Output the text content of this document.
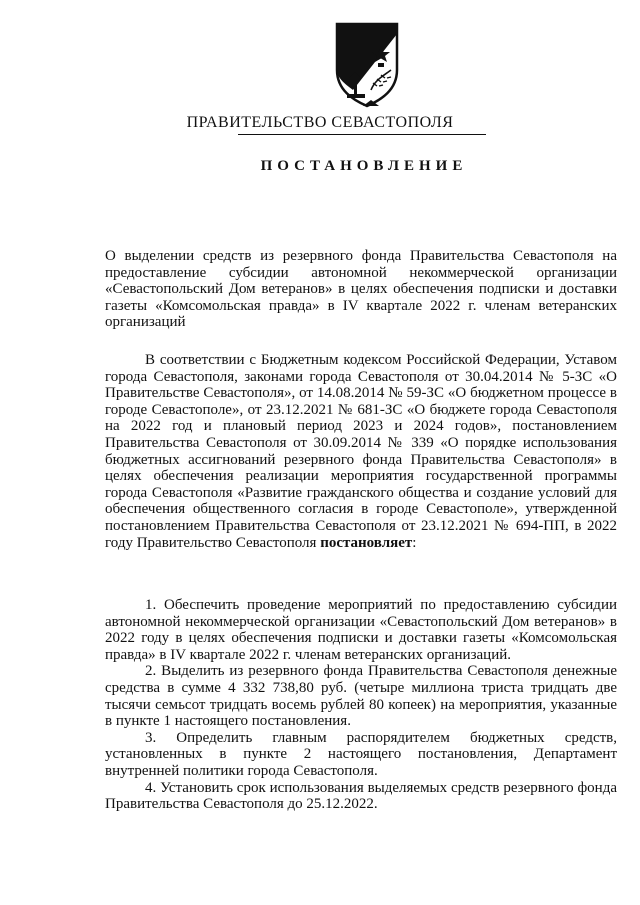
ПРАВИТЕЛЬСТВО СЕВАСТОПОЛЯ
ПОСТАНОВЛЕНИЕ

О выделении средств из резервного фонда Правительства Севастополя на предоставление субсидии автономной некоммерческой организации «Севастопольский Дом ветеранов» в целях обеспечения подписки и доставки газеты «Комсомольская правда» в IV квартале 2022 г. членам ветеранских организаций

В соответствии с Бюджетным кодексом Российской Федерации, Уставом города Севастополя, законами города Севастополя от 30.04.2014 № 5-ЗС «О Правительстве Севастополя», от 14.08.2014 № 59-ЗС «О бюджетном процессе в городе Севастополе», от 23.12.2021 № 681-ЗС «О бюджете города Севастополя на 2022 год и плановый период 2023 и 2024 годов», постановлением Правительства Севастополя от 30.09.2014 № 339 «О порядке использования бюджетных ассигнований резервного фонда Правительства Севастополя» в целях обеспечения реализации мероприятия государственной программы города Севастополя «Развитие гражданского общества и создание условий для обеспечения общественного согласия в городе Севастополе», утвержденной постановлением Правительства Севастополя от 23.12.2021 № 694-ПП, в 2022 году Правительство Севастополя постановляет:

1. Обеспечить проведение мероприятий по предоставлению субсидии автономной некоммерческой организации «Севастопольский Дом ветеранов» в 2022 году в целях обеспечения подписки и доставки газеты «Комсомольская правда» в IV квартале 2022 г. членам ветеранских организаций.

2. Выделить из резервного фонда Правительства Севастополя денежные средства в сумме 4 332 738,80 руб. (четыре миллиона триста тридцать две тысячи семьсот тридцать восемь рублей 80 копеек) на мероприятия, указанные в пункте 1 настоящего постановления.

3. Определить главным распорядителем бюджетных средств, установленных в пункте 2 настоящего постановления, Департамент внутренней политики города Севастополя.

4. Установить срок использования выделяемых средств резервного фонда Правительства Севастополя до 25.12.2022.
